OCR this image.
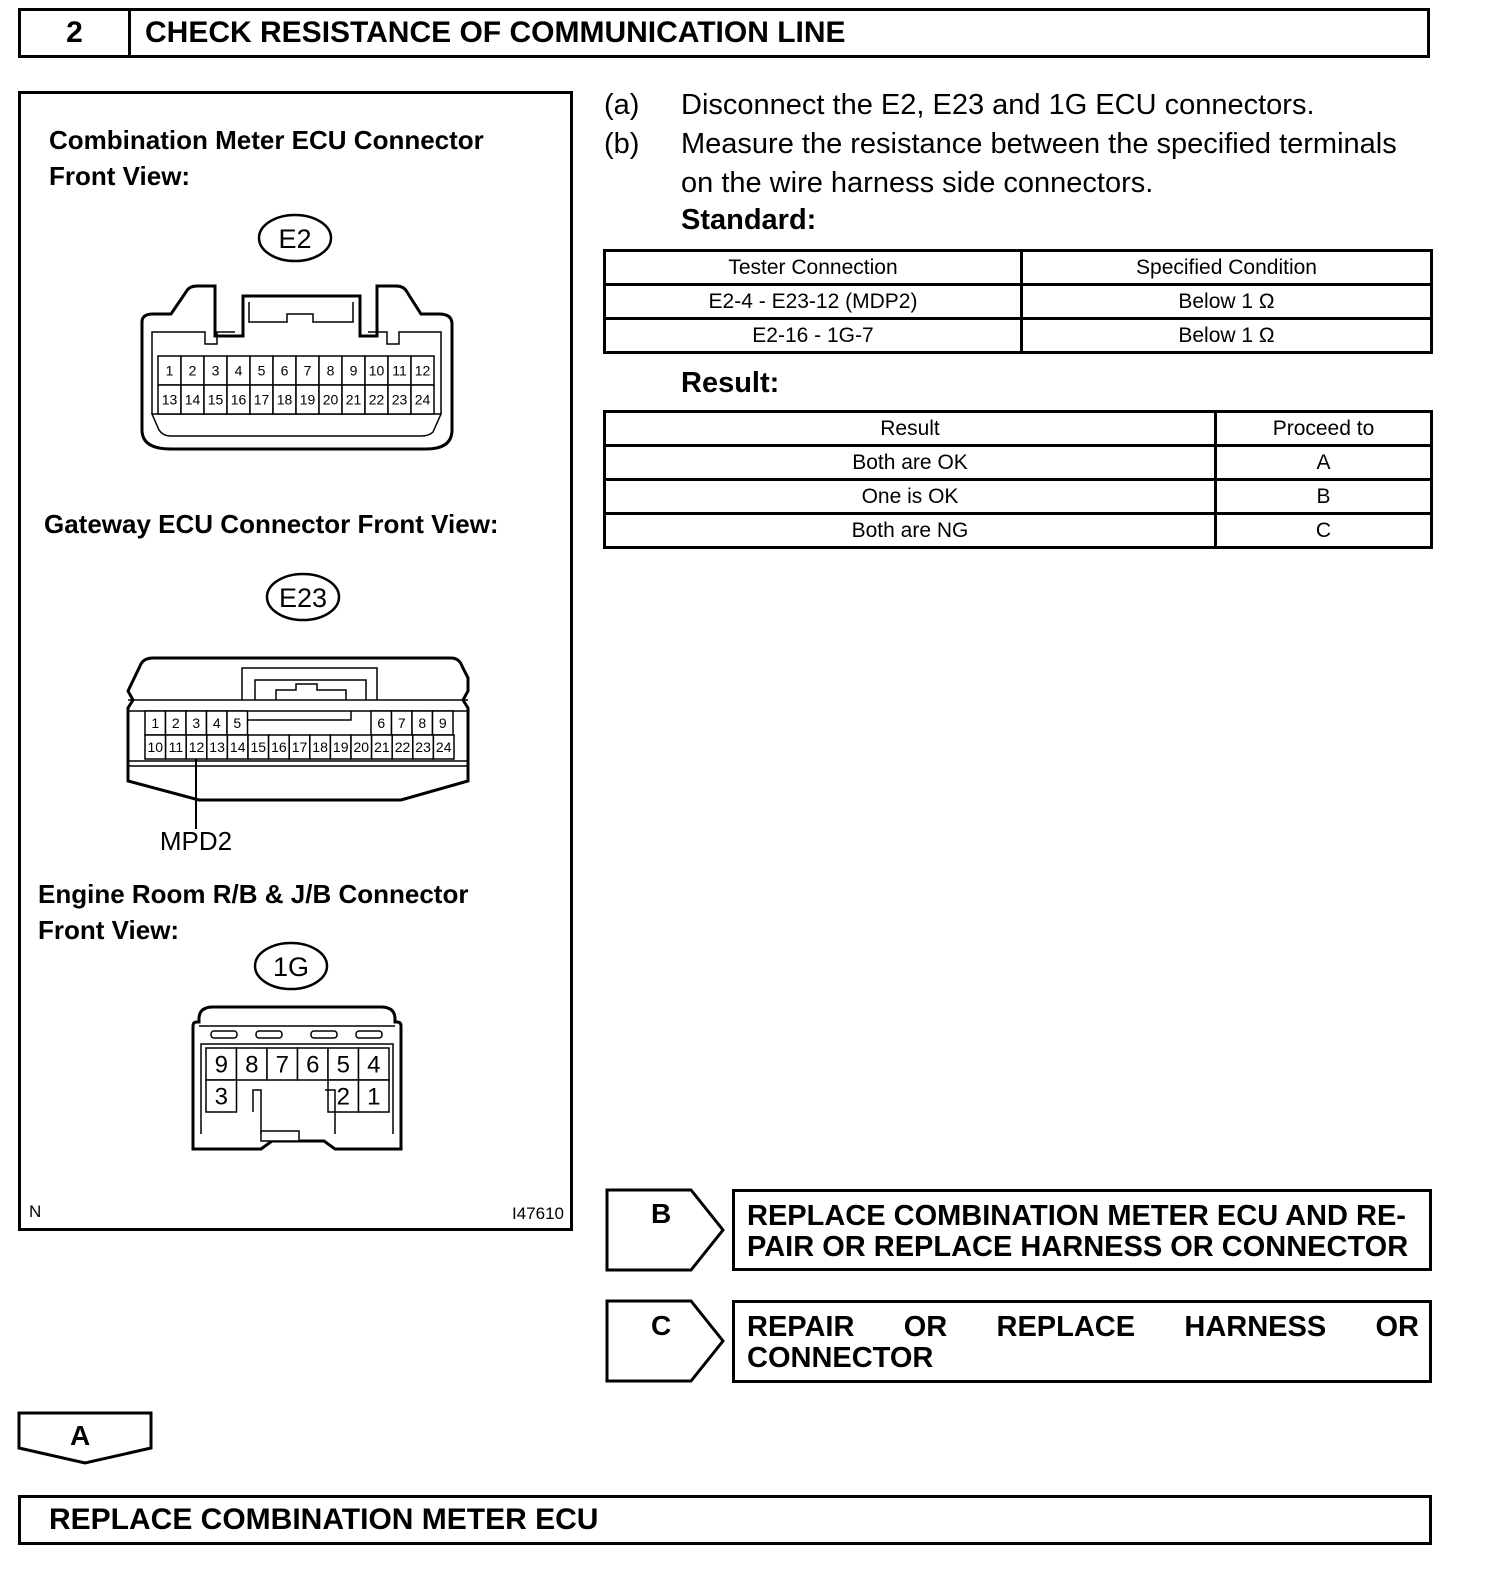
2	CHECK RESISTANCE OF COMMUNICATION LINE
E2
1 2 3 4 5 6 7 8 9 10 11 12
13 14 15 16 17 18 19 20 21 22 23 24
E23
1 2 3 4 5	6 7 8 9
10 11 12 13 14 15 16 17 18 19 20 21 22 23 24
MPD2
1G
9 8 7 6 5 4
3	2 1
Combination Meter ECU Connector
Front View:
Gateway ECU Connector Front View:
Engine Room R/B & J/B Connector
Front View:
N	I47610
(a) Disconnect the E2, E23 and 1G ECU connectors.
(b) Measure the resistance between the specified terminals
on the wire harness side connectors.
Standard:
Tester Connection	Specified Condition
E2-4 - E23-12 (MDP2)	Below 1 Ω
E2-16 - 1G-7	Below 1 Ω
Result:
Result	Proceed to
Both are OK	A
One is OK	B
Both are NG	C
B	REPLACE COMBINATION METER ECU AND RE-
PAIR OR REPLACE HARNESS OR CONNECTOR
C	REPAIR OR REPLACE HARNESS OR
CONNECTOR
A
REPLACE COMBINATION METER ECU
